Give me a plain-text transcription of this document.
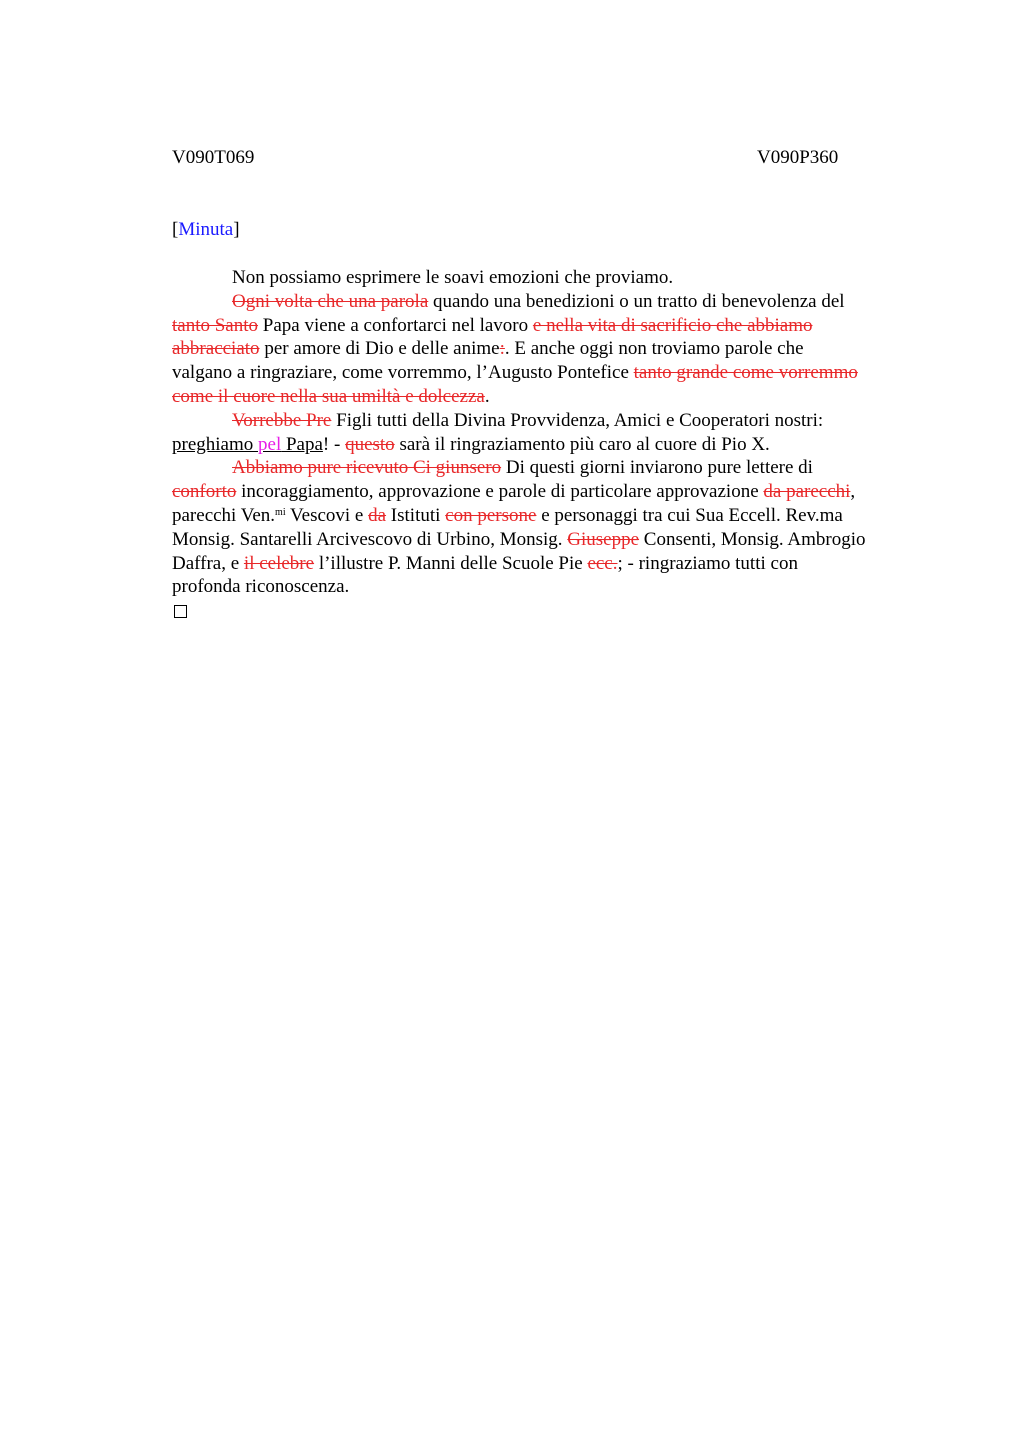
V090T069	V090P360
[Minuta]
Non possiamo esprimere le soavi emozioni che proviamo.
Ogni volta che una parola quando una benedizioni o un tratto di benevolenza del
tanto Santo Papa viene a confortarci nel lavoro e nella vita di sacrificio che abbiamo
abbracciato per amore di Dio e delle anime:. E anche oggi non troviamo parole che
valgano a ringraziare, come vorremmo, l’Augusto Pontefice tanto grande come vorremmo
come il cuore nella sua umiltà e dolcezza.
Vorrebbe Pre Figli tutti della Divina Provvidenza, Amici e Cooperatori nostri:
preghiamo pel Papa! - questo sarà il ringraziamento più caro al cuore di Pio X.
Abbiamo pure ricevuto Ci giunsero Di questi giorni inviarono pure lettere di
conforto incoraggiamento, approvazione e parole di particolare approvazione da parecchi,
parecchi Ven.$^{mi}$ Vescovi e da Istituti con persone e personaggi tra cui Sua Eccell. Rev.ma
Monsig. Santarelli Arcivescovo di Urbino, Monsig. Giuseppe Consenti, Monsig. Ambrogio
Daffra, e il celebre l’illustre P. Manni delle Scuole Pie ecc.; - ringraziamo tutti con
profonda riconoscenza.
